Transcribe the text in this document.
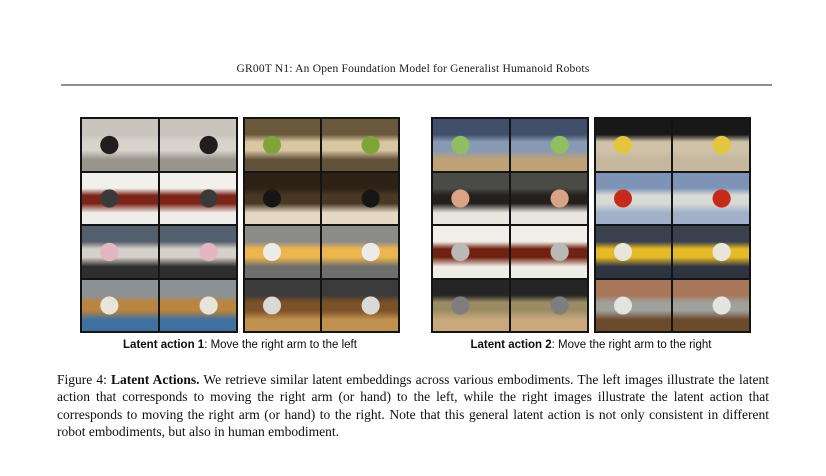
GR00T N1: An Open Foundation Model for Generalist Humanoid Robots
Latent action 1: Move the right arm to the left	Latent action 2: Move the right arm to the right
Figure 4: Latent Actions. We retrieve similar latent embeddings across various embodiments. The left images illustrate the latent action that corresponds to moving the right arm (or hand) to the left, while the right images illustrate the latent action that corresponds to moving the right arm (or hand) to the right. Note that this general latent action is not only consistent in different robot embodiments, but also in human embodiment.
